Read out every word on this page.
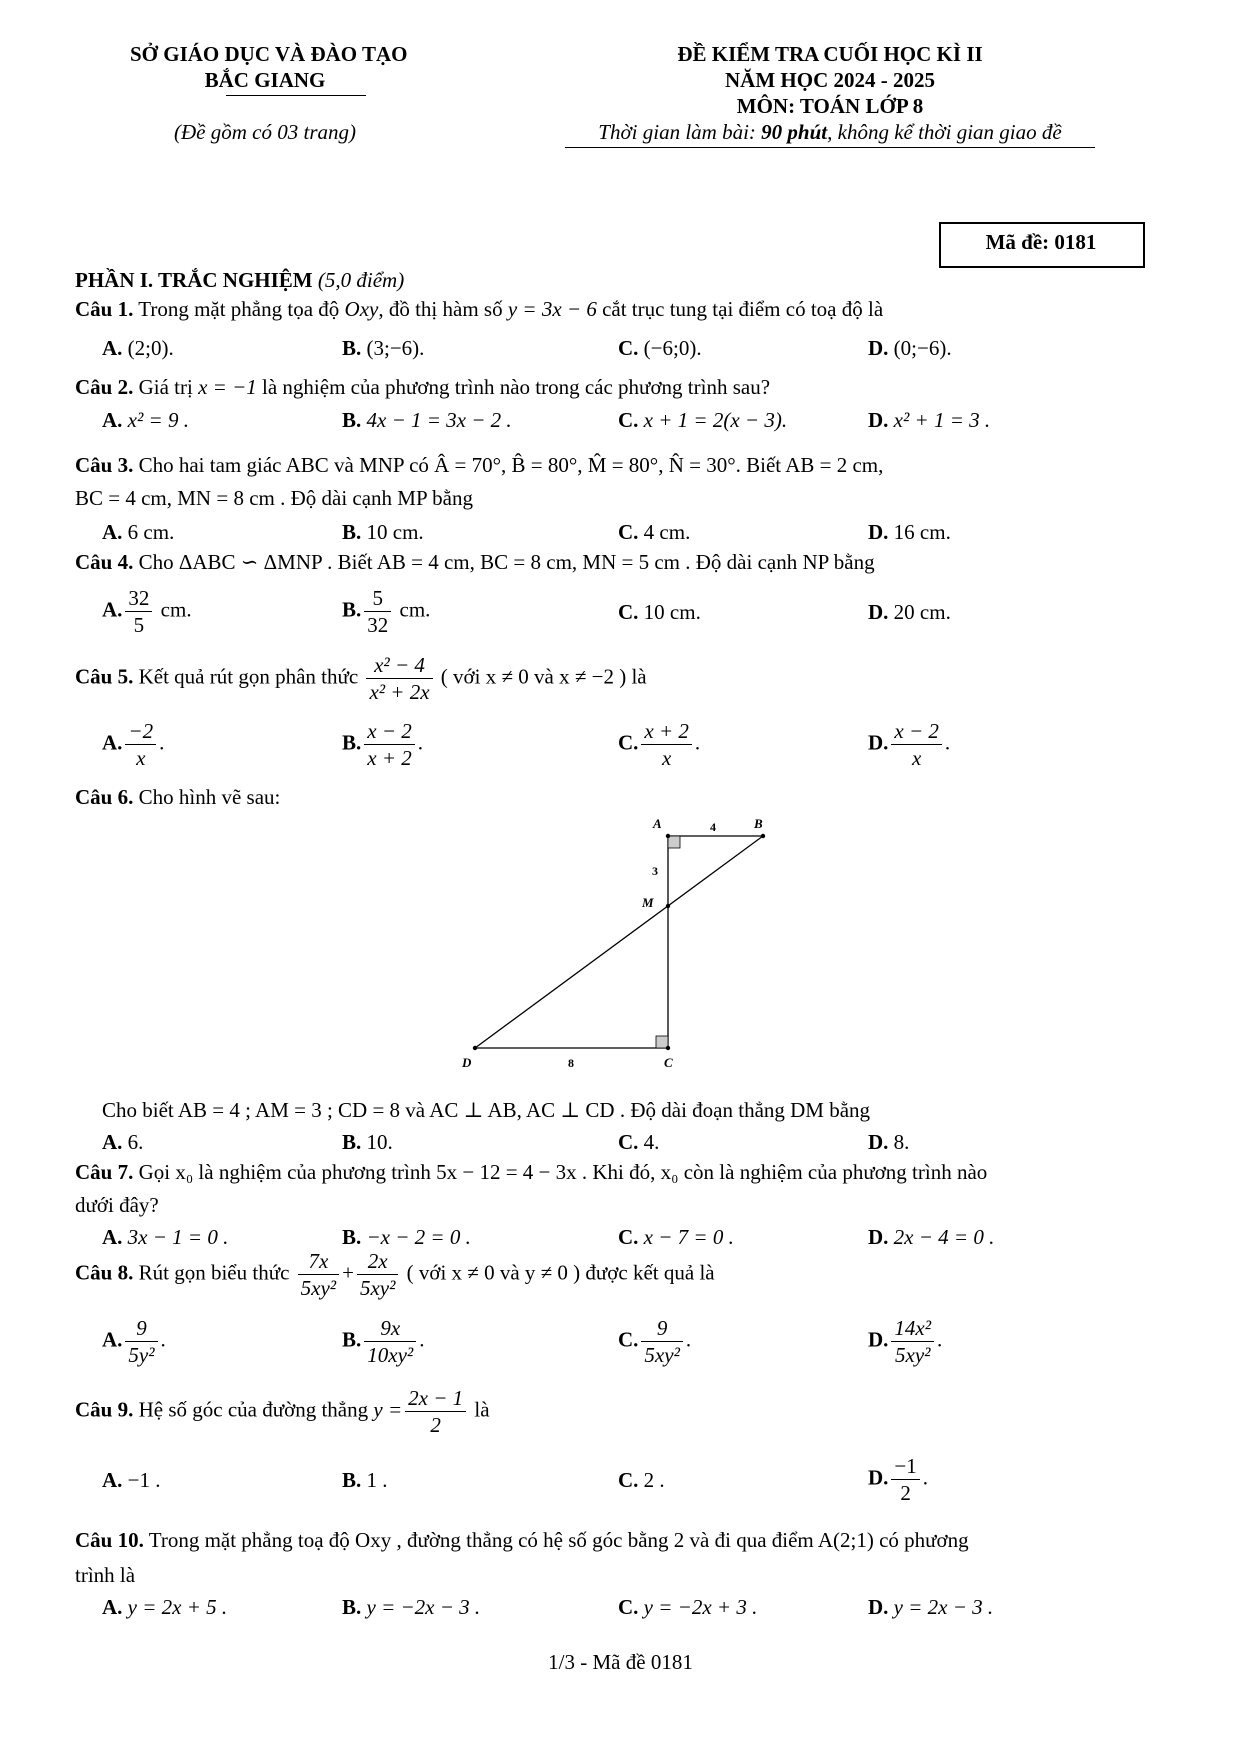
SỞ GIÁO DỤC VÀ ĐÀO TẠO
BẮC GIANG
(Đề gồm có 03 trang)
ĐỀ KIỂM TRA CUỐI HỌC KÌ II
NĂM HỌC 2024 - 2025
MÔN: TOÁN LỚP 8
Thời gian làm bài: 90 phút, không kể thời gian giao đề
Mã đề: 0181
PHẦN I. TRẮC NGHIỆM (5,0 điểm)
Câu 1. Trong mặt phẳng tọa độ Oxy, đồ thị hàm số y = 3x − 6 cắt trục tung tại điểm có toạ độ là
A. (2;0).	B. (3;−6).	C. (−6;0).	D. (0;−6).
Câu 2. Giá trị x = −1 là nghiệm của phương trình nào trong các phương trình sau?
A. x² = 9 .	B. 4x − 1 = 3x − 2 .	C. x + 1 = 2(x − 3).	D. x² + 1 = 3 .
Câu 3. Cho hai tam giác ABC và MNP có Â = 70°, B̂ = 80°, M̂ = 80°, N̂ = 30°. Biết AB = 2 cm,
BC = 4 cm, MN = 8 cm . Độ dài cạnh MP bằng
A. 6 cm.	B. 10 cm.	C. 4 cm.	D. 16 cm.
Câu 4. Cho ΔABC ∽ ΔMNP . Biết AB = 4 cm, BC = 8 cm, MN = 5 cm . Độ dài cạnh NP bằng
A. $\frac{32}{5}$ cm.	B. $\frac{5}{32}$ cm.	C. 10 cm.	D. 20 cm.
Câu 5. Kết quả rút gọn phân thức $\frac{\text{x² − 4}}{\text{x² + 2x}}$ ( với x ≠ 0 và x ≠ −2 ) là
A. $\frac{-2}{x}$ .	B. $\frac{x - 2}{x + 2}$ .	C. $\frac{x + 2}{x}$ .	D. $\frac{x - 2}{x}$ .
Câu 6. Cho hình vẽ sau:
A	B
M
D	C
4
3
8
Cho biết AB = 4 ; AM = 3 ; CD = 8 và AC ⊥ AB, AC ⊥ CD . Độ dài đoạn thẳng DM bằng
A. 6.	B. 10.	C. 4.	D. 8.
Câu 7. Gọi x₀ là nghiệm của phương trình 5x − 12 = 4 − 3x . Khi đó, x₀ còn là nghiệm của phương trình nào
dưới đây?
A. 3x − 1 = 0 .	B. −x − 2 = 0 .	C. x − 7 = 0 .	D. 2x − 4 = 0 .
Câu 8. Rút gọn biểu thức $\frac{7x}{\text{5xy²}} + \frac{2x}{\text{5xy²}}$ ( với x ≠ 0 và y ≠ 0 ) được kết quả là
A. $\frac{9}{\text{5y²}}$ .	B. $\frac{9x}{\text{10xy²}}$ .	C. $\frac{9}{\text{5xy²}}$ .	D. $\frac{\text{14x²}}{\text{5xy²}}$ .
Câu 9. Hệ số góc của đường thẳng $y = \frac{2x - 1}{2}$ là
A. −1 .	B. 1 .	C. 2 .	D. $\frac{-1}{2}$ .
Câu 10. Trong mặt phẳng toạ độ Oxy , đường thẳng có hệ số góc bằng 2 và đi qua điểm A(2;1) có phương
trình là
A. y = 2x + 5 .	B. y = −2x − 3 .	C. y = −2x + 3 .	D. y = 2x − 3 .
1/3 - Mã đề 0181
